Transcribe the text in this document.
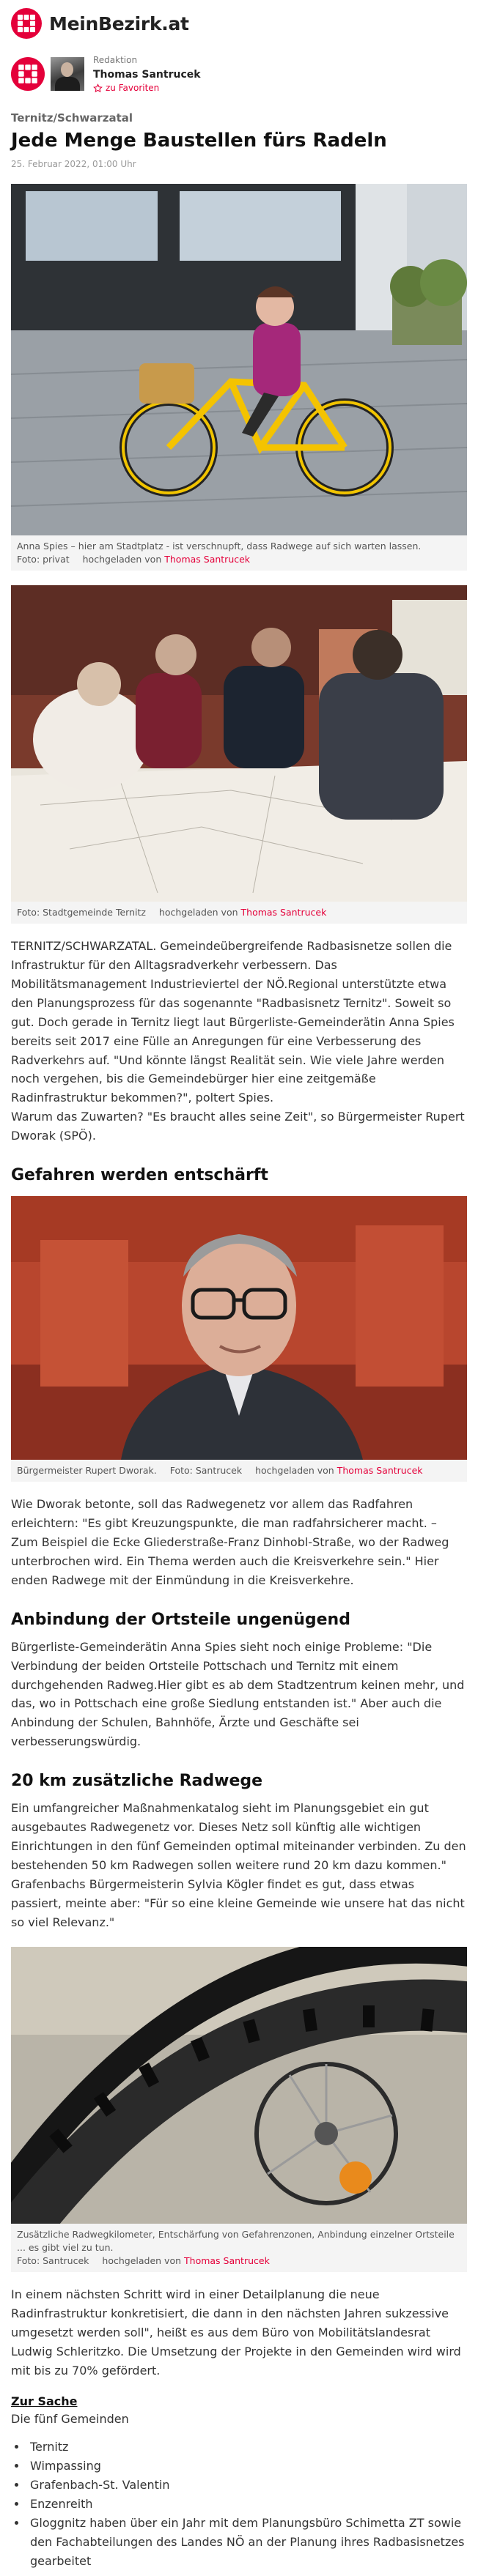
MeinBezirk.at
Redaktion
Thomas Santrucek
zu Favoriten
Ternitz/Schwarzatal
Jede Menge Baustellen fürs Radeln
25. Februar 2022, 01:00 Uhr
Anna Spies – hier am Stadtplatz - ist verschnupft, dass Radwege auf sich warten lassen.
Foto: privat hochgeladen von Thomas Santrucek
Foto: Stadtgemeinde Ternitz hochgeladen von Thomas Santrucek

TERNITZ/SCHWARZATAL. Gemeindeübergreifende Radbasisnetze sollen die Infrastruktur für den Alltagsradverkehr verbessern. Das Mobilitätsmanagement Industrieviertel der NÖ.Regional unterstützte etwa den Planungsprozess für das sogenannte "Radbasisnetz Ternitz". Soweit so gut. Doch gerade in Ternitz liegt laut Bürgerliste-Gemeinderätin Anna Spies bereits seit 2017 eine Fülle an Anregungen für eine Verbesserung des Radverkehrs auf. "Und könnte längst Realität sein. Wie viele Jahre werden noch vergehen, bis die Gemeindebürger hier eine zeitgemäße Radinfrastruktur bekommen?", poltert Spies.

Warum das Zuwarten? "Es braucht alles seine Zeit", so Bürgermeister Rupert Dworak (SPÖ).

Gefahren werden entschärft
Bürgermeister Rupert Dworak. Foto: Santrucek hochgeladen von Thomas Santrucek

Wie Dworak betonte, soll das Radwegenetz vor allem das Radfahren erleichtern: "Es gibt Kreuzungspunkte, die man radfahrsicherer macht. – Zum Beispiel die Ecke Gliederstraße-Franz Dinhobl-Straße, wo der Radweg unterbrochen wird. Ein Thema werden auch die Kreisverkehre sein." Hier enden Radwege mit der Einmündung in die Kreisverkehre.

Anbindung der Ortsteile ungenügend

Bürgerliste-Gemeinderätin Anna Spies sieht noch einige Probleme: "Die Verbindung der beiden Ortsteile Pottschach und Ternitz mit einem durchgehenden Radweg.Hier gibt es ab dem Stadtzentrum keinen mehr, und das, wo in Pottschach eine große Siedlung entstanden ist." Aber auch die Anbindung der Schulen, Bahnhöfe, Ärzte und Geschäfte sei verbesserungswürdig.

20 km zusätzliche Radwege

Ein umfangreicher Maßnahmenkatalog sieht im Planungsgebiet ein gut ausgebautes Radwegenetz vor. Dieses Netz soll künftig alle wichtigen Einrichtungen in den fünf Gemeinden optimal miteinander verbinden. Zu den bestehenden 50 km Radwegen sollen weitere rund 20 km dazu kommen." Grafenbachs Bürgermeisterin Sylvia Kögler findet es gut, dass etwas passiert, meinte aber: "Für so eine kleine Gemeinde wie unsere hat das nicht so viel Relevanz."

Zusätzliche Radwegkilometer, Entschärfung von Gefahrenzonen, Anbindung einzelner Ortsteile ... es gibt viel zu tun.
Foto: Santrucek hochgeladen von Thomas Santrucek

In einem nächsten Schritt wird in einer Detailplanung die neue Radinfrastruktur konkretisiert, die dann in den nächsten Jahren sukzessive umgesetzt werden soll", heißt es aus dem Büro von Mobilitätslandesrat Ludwig Schleritzko. Die Umsetzung der Projekte in den Gemeinden wird wird mit bis zu 70% gefördert.

Zur Sache

Die fünf Gemeinden

• Ternitz
• Wimpassing
• Grafenbach-St. Valentin
• Enzenreith
• Gloggnitz haben über ein Jahr mit dem Planungsbüro Schimetta ZT sowie den Fachabteilungen des Landes NÖ an der Planung ihres Radbasisnetzes gearbeitet
